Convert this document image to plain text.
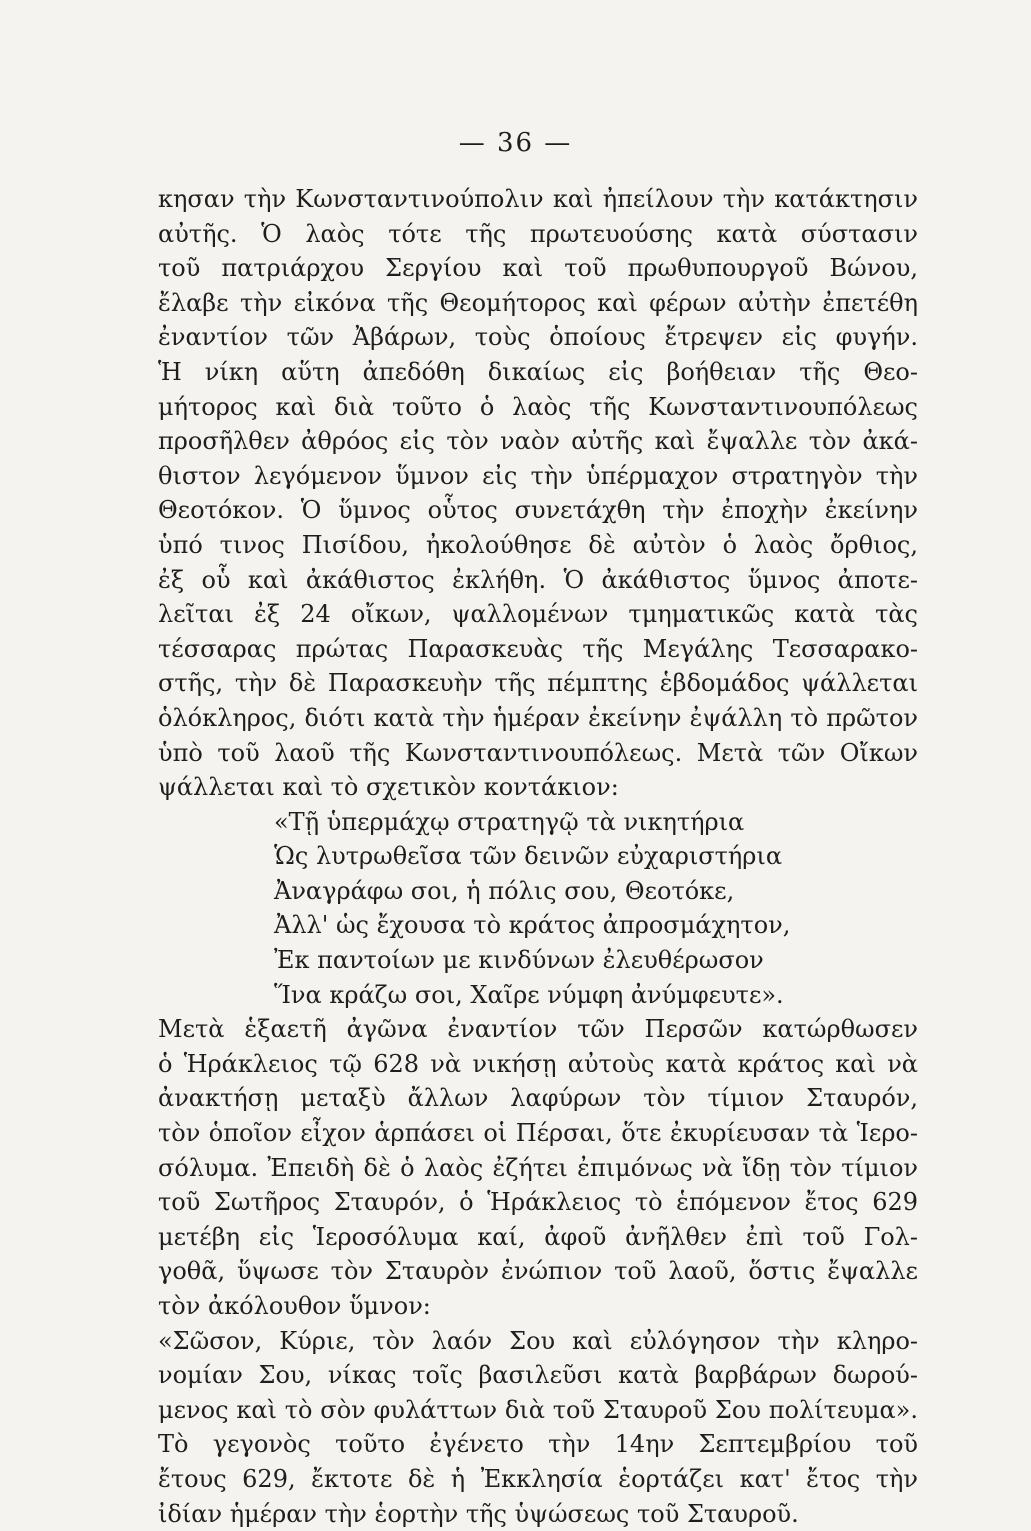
— 36 —
κησαν τὴν Κωνσταντινούπολιν καὶ ἠπείλουν τὴν κατάκτησιν
αὐτῆς. Ὁ λαὸς τότε τῆς πρωτευούσης κατὰ σύστασιν
τοῦ πατριάρχου Σεργίου καὶ τοῦ πρωθυπουργοῦ Βώνου,
ἔλαβε τὴν εἰκόνα τῆς Θεομήτορος καὶ φέρων αὐτὴν ἐπετέθη
ἐναντίον τῶν Ἀβάρων, τοὺς ὁποίους ἔτρεψεν εἰς φυγήν.
Ἡ νίκη αὕτη ἀπεδόθη δικαίως εἰς βοήθειαν τῆς Θεο-
μήτορος καὶ διὰ τοῦτο ὁ λαὸς τῆς Κωνσταντινουπόλεως
προσῆλθεν ἀθρόος εἰς τὸν ναὸν αὐτῆς καὶ ἔψαλλε τὸν ἀκά-
θιστον λεγόμενον ὕμνον εἰς τὴν ὑπέρμαχον στρατηγὸν τὴν
Θεοτόκον. Ὁ ὕμνος οὗτος συνετάχθη τὴν ἐποχὴν ἐκείνην
ὑπό τινος Πισίδου, ἠκολούθησε δὲ αὐτὸν ὁ λαὸς ὄρθιος,
ἐξ οὗ καὶ ἀκάθιστος ἐκλήθη. Ὁ ἀκάθιστος ὕμνος ἀποτε-
λεῖται ἐξ 24 οἴκων, ψαλλομένων τμηματικῶς κατὰ τὰς
τέσσαρας πρώτας Παρασκευὰς τῆς Μεγάλης Τεσσαρακο-
στῆς, τὴν δὲ Παρασκευὴν τῆς πέμπτης ἑβδομάδος ψάλλεται
ὁλόκληρος, διότι κατὰ τὴν ἡμέραν ἐκείνην ἐψάλλη τὸ πρῶτον
ὑπὸ τοῦ λαοῦ τῆς Κωνσταντινουπόλεως. Μετὰ τῶν Οἴκων
ψάλλεται καὶ τὸ σχετικὸν κοντάκιον:
«Τῇ ὑπερμάχῳ στρατηγῷ τὰ νικητήρια
Ὡς λυτρωθεῖσα τῶν δεινῶν εὐχαριστήρια
Ἀναγράφω σοι, ἡ πόλις σου, Θεοτόκε,
Ἀλλ' ὡς ἔχουσα τὸ κράτος ἀπροσμάχητον,
Ἐκ παντοίων με κινδύνων ἐλευθέρωσον
Ἵνα κράζω σοι, Χαῖρε νύμφη ἀνύμφευτε».
Μετὰ ἑξαετῆ ἀγῶνα ἐναντίον τῶν Περσῶν κατώρθωσεν
ὁ Ἡράκλειος τῷ 628 νὰ νικήσῃ αὐτοὺς κατὰ κράτος καὶ νὰ
ἀνακτήσῃ μεταξὺ ἄλλων λαφύρων τὸν τίμιον Σταυρόν,
τὸν ὁποῖον εἶχον ἁρπάσει οἱ Πέρσαι, ὅτε ἐκυρίευσαν τὰ Ἱερο-
σόλυμα. Ἐπειδὴ δὲ ὁ λαὸς ἐζήτει ἐπιμόνως νὰ ἴδῃ τὸν τίμιον
τοῦ Σωτῆρος Σταυρόν, ὁ Ἡράκλειος τὸ ἑπόμενον ἔτος 629
μετέβη εἰς Ἱεροσόλυμα καί, ἀφοῦ ἀνῆλθεν ἐπὶ τοῦ Γολ-
γοθᾶ, ὕψωσε τὸν Σταυρὸν ἐνώπιον τοῦ λαοῦ, ὅστις ἔψαλλε
τὸν ἀκόλουθον ὕμνον:
«Σῶσον, Κύριε, τὸν λαόν Σου καὶ εὐλόγησον τὴν κληρο-
νομίαν Σου, νίκας τοῖς βασιλεῦσι κατὰ βαρβάρων δωρού-
μενος καὶ τὸ σὸν φυλάττων διὰ τοῦ Σταυροῦ Σου πολίτευμα».
Τὸ γεγονὸς τοῦτο ἐγένετο τὴν 14ην Σεπτεμβρίου τοῦ
ἔτους 629, ἔκτοτε δὲ ἡ Ἐκκλησία ἑορτάζει κατ' ἔτος τὴν
ἰδίαν ἡμέραν τὴν ἑορτὴν τῆς ὑψώσεως τοῦ Σταυροῦ.
